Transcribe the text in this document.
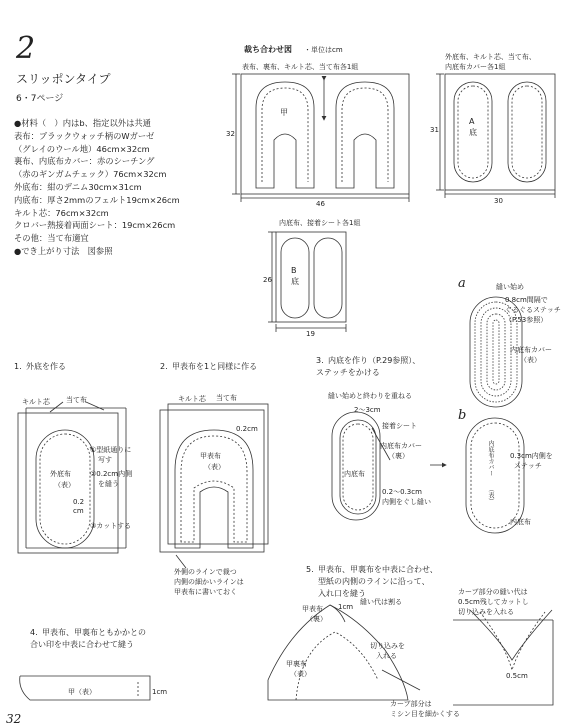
2
スリッポンタイプ
6・7ページ

●材料（　）内はb、指定以外は共通

表布：ブラックウォッチ柄のWガーゼ

（グレイのウール地）46cm×32cm

裏布、内底布カバー：赤のシーチング

（赤のギンガムチェック）76cm×32cm

外底布：紺のデニム30cm×31cm

内底布：厚さ2mmのフェルト19cm×26cm

キルト芯：76cm×32cm

クロバー熱接着両面シート：19cm×26cm

その他：当て布適宜

●でき上がり寸法　図参照

裁ち合わせ図 ・単位はcm
表布、裏布、キルト芯、当て布各1組
甲
46
32
外底布、キルト芯、当て布、
内底布カバー各1組
A
底
30
31
内底布、接着シート各1組
B
底
19
26
1. 外底を作る
キルト芯 当て布
外底布
（表）
①型紙通りに
写す
②0.2cm内側
を縫う
0.2
cm
③カットする
2. 甲表布を1と同様に作る
キルト芯 当て布
0.2cm
甲表布
（表）
外側のラインで裁つ
内側の細かいラインは
甲表布に書いておく
3. 内底を作り（P.29参照）、
ステッチをかける
縫い始めと終わりを重ねる
2〜3cm
接着シート
内底布カバー
（裏）
内底布
0.2〜0.3cm
内側をぐし縫い
a	縫い始め
0.8cm間隔で
ぐるぐるステッチ
（P.53参照）
内底布カバー
（表）
b
内底布カバー
（表）
0.3cm内側を
ステッチ
内底布
4. 甲表布、甲裏布ともかかとの
合い印を中表に合わせて縫う
甲（表）	1cm
5. 甲表布、甲裏布を中表に合わせ、
型紙の内側のラインに沿って、
入れ口を縫う
甲表布
（裏）
1cm
縫い代は割る
甲裏布
（表）
切り込みを
入れる
カーブ部分は
ミシン目を細かくする
カーブ部分の縫い代は
0.5cm残してカットし
切り込みを入れる
0.5cm
32
